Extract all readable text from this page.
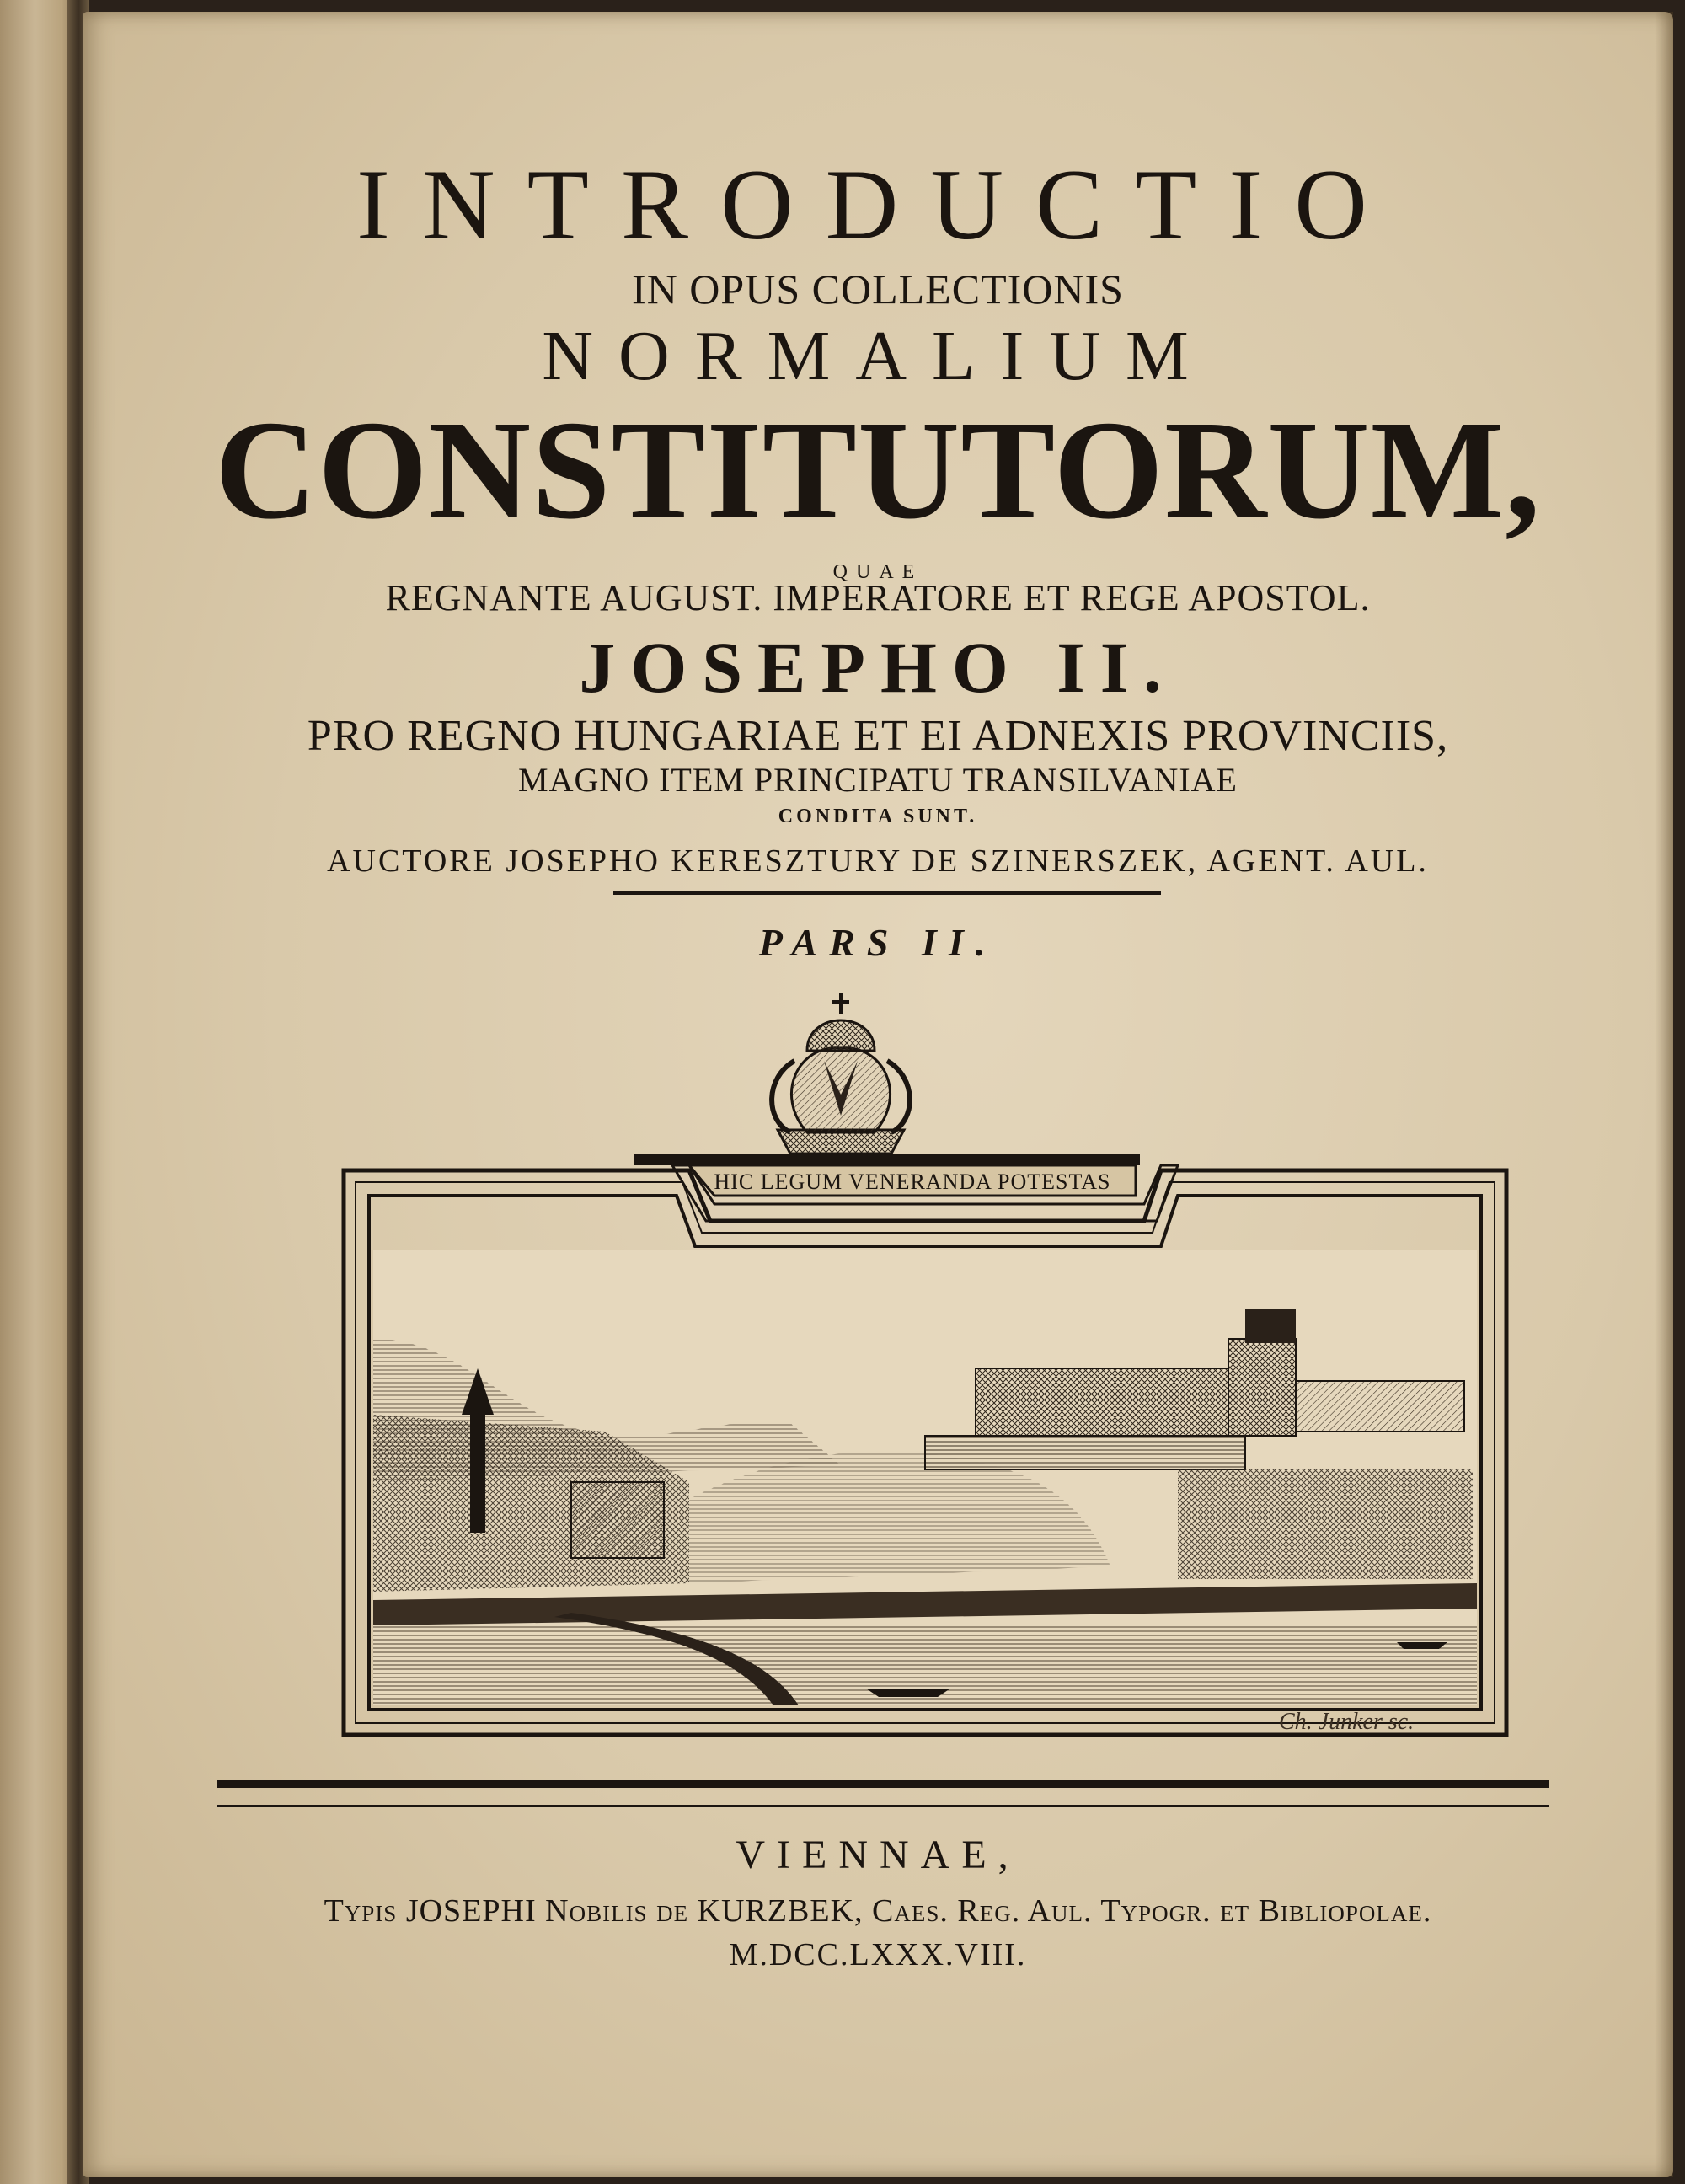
INTRODUCTIO

IN OPUS COLLECTIONIS

NORMALIUM

CONSTITUTORUM,

QUAE

REGNANTE AUGUST. IMPERATORE ET REGE APOSTOL.

JOSEPHO II.

PRO REGNO HUNGARIAE ET EI ADNEXIS PROVINCIIS,

MAGNO ITEM PRINCIPATU TRANSILVANIAE

CONDITA SUNT.

AUCTORE JOSEPHO KERESZTURY DE SZINERSZEK, AGENT. AUL.

PARS II.

HIC LEGUM VENERANDA POTESTAS
Ch. Junker sc.

VIENNAE,

Typis JOSEPHI Nobilis de KURZBEK, Caes. Reg. Aul. Typogr. et Bibliopolae.

M.DCC.LXXX.VIII.
